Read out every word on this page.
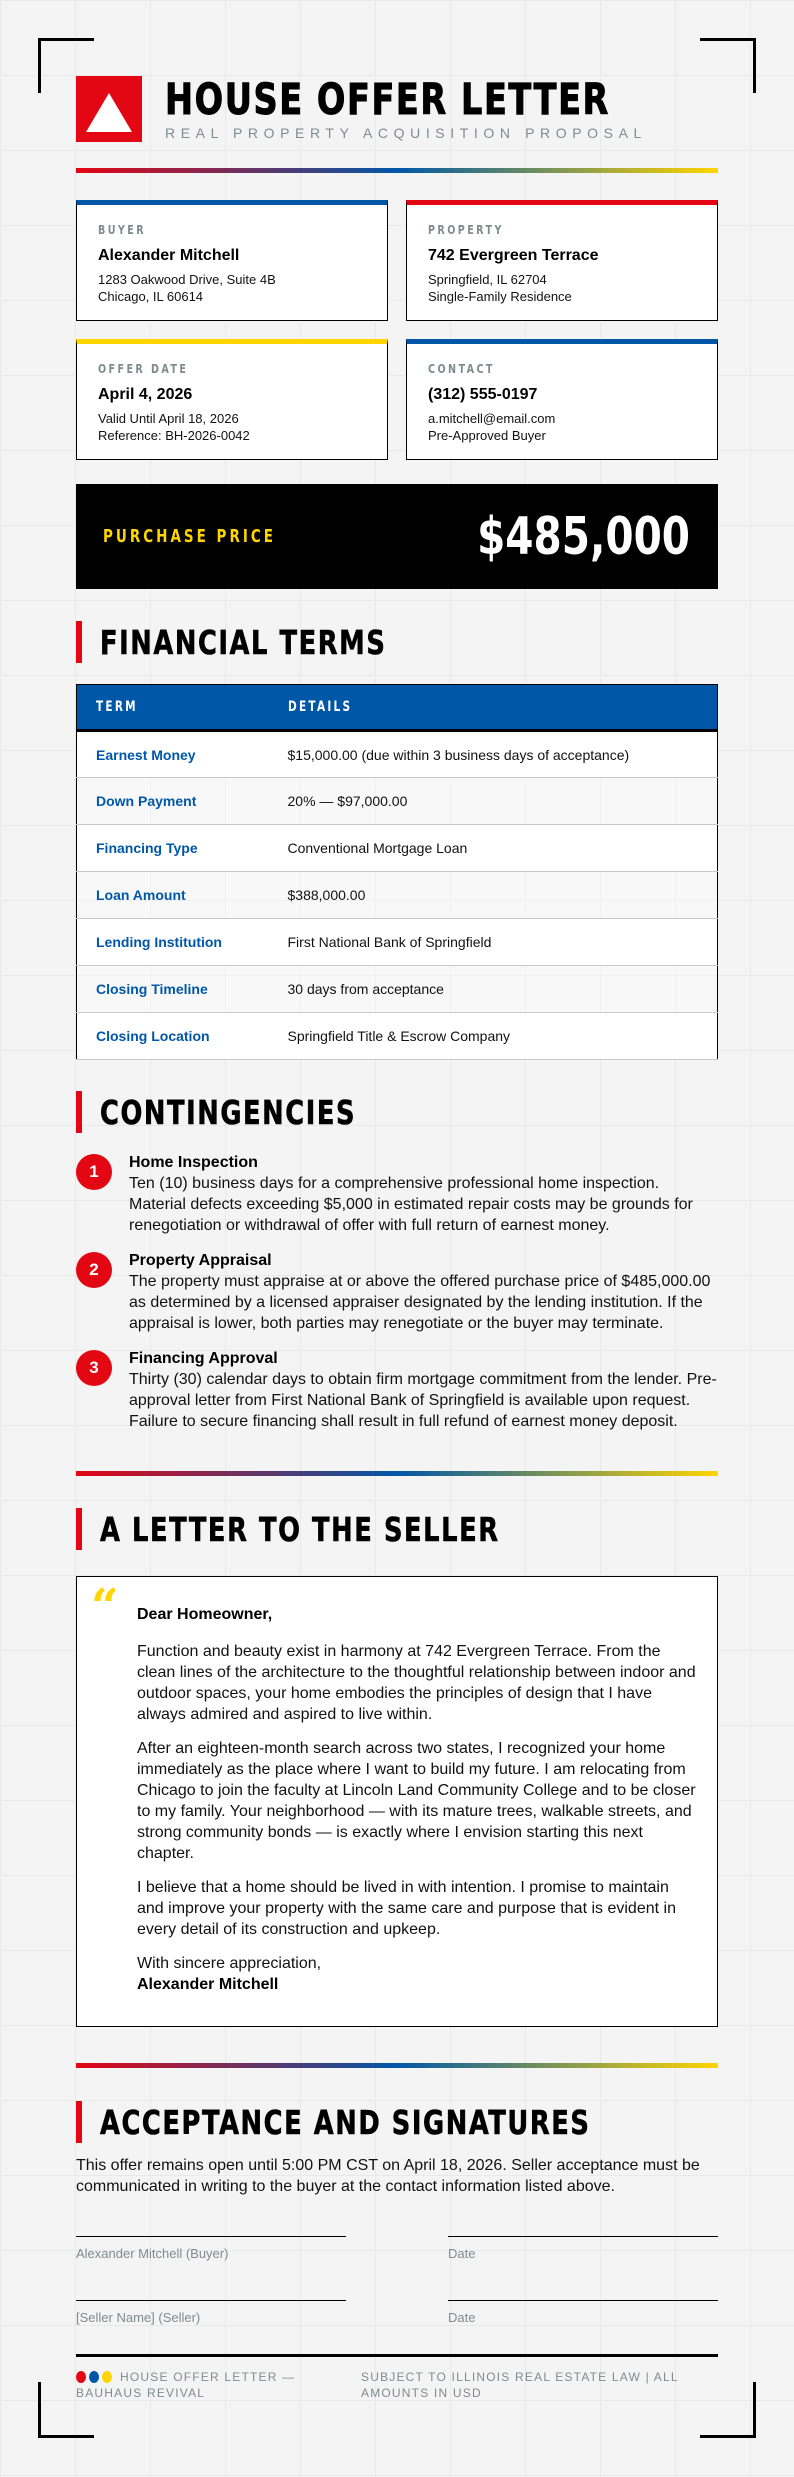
HOUSE OFFER LETTER
REAL PROPERTY ACQUISITION PROPOSAL
BUYER
Alexander Mitchell
1283 Oakwood Drive, Suite 4B
Chicago, IL 60614
PROPERTY
742 Evergreen Terrace
Springfield, IL 62704
Single-Family Residence
OFFER DATE
April 4, 2026
Valid Until April 18, 2026
Reference: BH-2026-0042
CONTACT
(312) 555-0197
a.mitchell@email.com
Pre-Approved Buyer
PURCHASE PRICE	$485,000
FINANCIAL TERMS
TERM	DETAILS
Earnest Money	$15,000.00 (due within 3 business days of acceptance)
Down Payment	20% — $97,000.00
Financing Type	Conventional Mortgage Loan
Loan Amount	$388,000.00
Lending Institution	First National Bank of Springfield
Closing Timeline	30 days from acceptance
Closing Location	Springfield Title & Escrow Company
CONTINGENCIES
1	Home Inspection
Ten (10) business days for a comprehensive professional home inspection. Material defects exceeding $5,000 in estimated repair costs may be grounds for renegotiation or withdrawal of offer with full return of earnest money.
2	Property Appraisal
The property must appraise at or above the offered purchase price of $485,000.00 as determined by a licensed appraiser designated by the lending institution. If the appraisal is lower, both parties may renegotiate or the buyer may terminate.
3	Financing Approval
Thirty (30) calendar days to obtain firm mortgage commitment from the lender. Pre-approval letter from First National Bank of Springfield is available upon request. Failure to secure financing shall result in full refund of earnest money deposit.
A LETTER TO THE SELLER
“ Dear Homeowner,

Function and beauty exist in harmony at 742 Evergreen Terrace. From the clean lines of the architecture to the thoughtful relationship between indoor and outdoor spaces, your home embodies the principles of design that I have always admired and aspired to live within.

After an eighteen-month search across two states, I recognized your home immediately as the place where I want to build my future. I am relocating from Chicago to join the faculty at Lincoln Land Community College and to be closer to my family. Your neighborhood — with its mature trees, walkable streets, and strong community bonds — is exactly where I envision starting this next chapter.

I believe that a home should be lived in with intention. I promise to maintain and improve your property with the same care and purpose that is evident in every detail of its construction and upkeep.

With sincere appreciation,
Alexander Mitchell
ACCEPTANCE AND SIGNATURES
This offer remains open until 5:00 PM CST on April 18, 2026. Seller acceptance must be communicated in writing to the buyer at the contact information listed above.
Alexander Mitchell (Buyer)	Date
[Seller Name] (Seller)	Date
HOUSE OFFER LETTER — BAUHAUS REVIVAL
SUBJECT TO ILLINOIS REAL ESTATE LAW | ALL AMOUNTS IN USD
